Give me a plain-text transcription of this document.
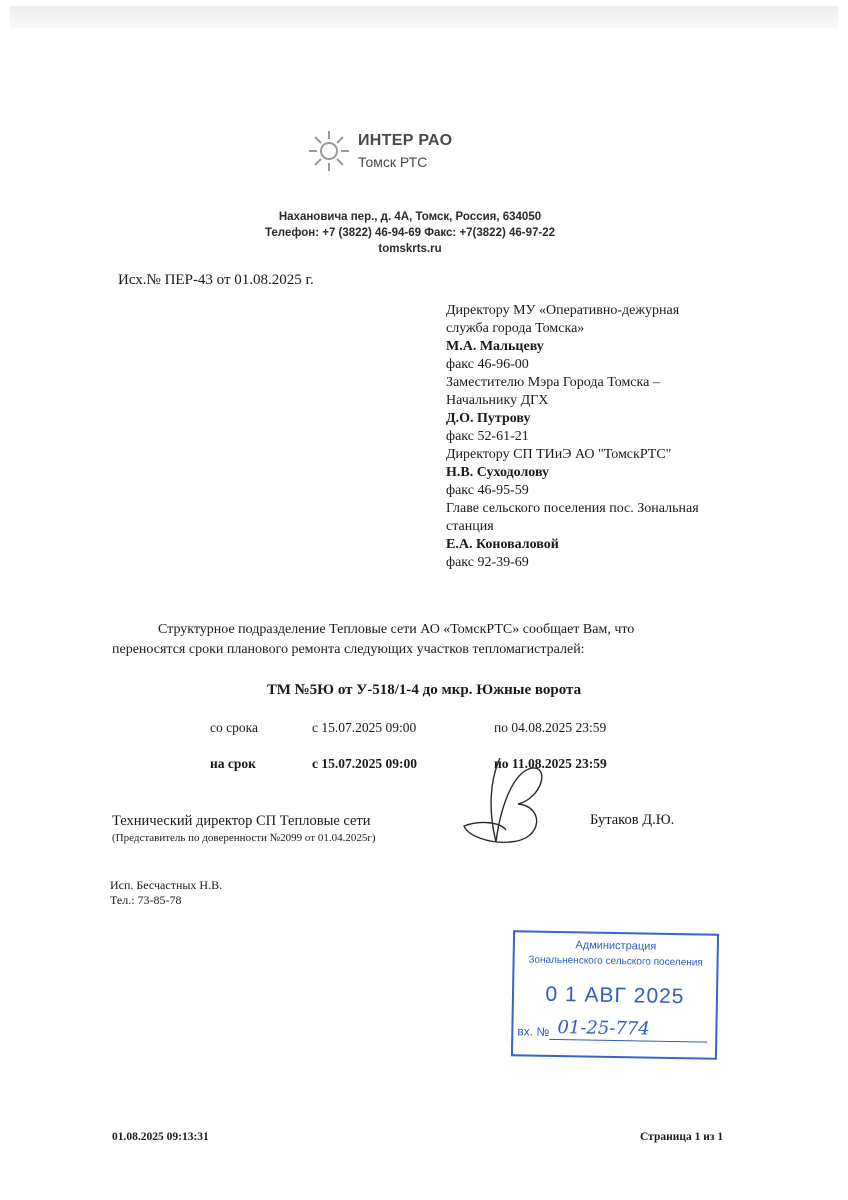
ИНТЕР РАО
Томск РТС
Нахановича пер., д. 4А, Томск, Россия, 634050
Телефон: +7 (3822) 46-94-69 Факс: +7(3822) 46-97-22
tomskrts.ru
Исх.№ ПЕР-43 от 01.08.2025 г.
Директору МУ «Оперативно-дежурная
служба города Томска»
М.А. Мальцеву
факс 46-96-00
Заместителю Мэра Города Томска –
Начальнику ДГХ
Д.О. Путрову
факс 52-61-21
Директору СП ТИиЭ АО "ТомскРТС"
Н.В. Суходолову
факс 46-95-59
Главе сельского поселения пос. Зональная
станция
Е.А. Коноваловой
факс 92-39-69
Структурное подразделение Тепловые сети АО «ТомскРТС» сообщает Вам, что
переносятся сроки планового ремонта следующих участков тепломагистралей:
ТМ №5Ю от У-518/1-4 до мкр. Южные ворота
со срока	с 15.07.2025 09:00	по 04.08.2025 23:59
на срок	с 15.07.2025 09:00	по 11.08.2025 23:59
Технический директор СП Тепловые сети
(Представитель по доверенности №2099 от 01.04.2025г)
Бутаков Д.Ю.
Исп. Бесчастных Н.В.
Тел.: 73-85-78
Администрация
Зональненского сельского поселения
0 1 АВГ 2025
вх. № 01-25-774
01.08.2025 09:13:31	Страница 1 из 1
